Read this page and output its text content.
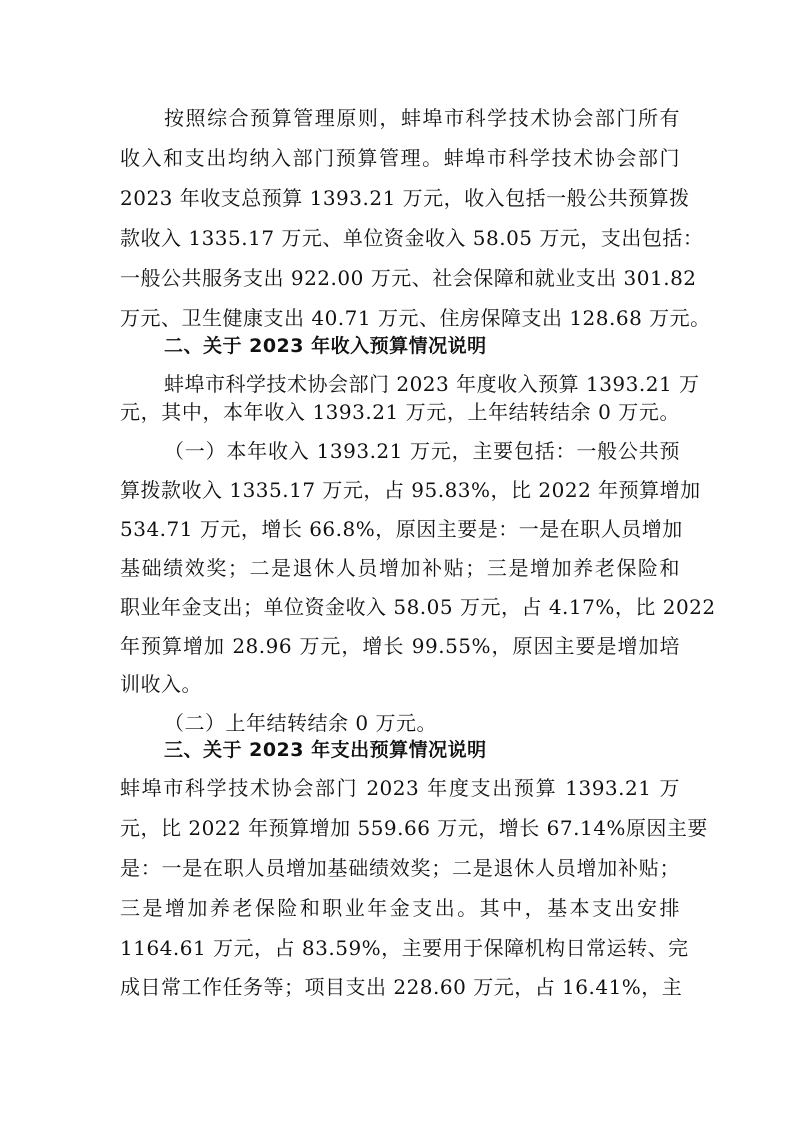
按照综合预算管理原则，蚌埠市科学技术协会部门所有
收入和支出均纳入部门预算管理。蚌埠市科学技术协会部门
2023 年收支总预算 1393.21 万元，收入包括一般公共预算拨
款收入 1335.17 万元、单位资金收入 58.05 万元，支出包括：
一般公共服务支出 922.00 万元、社会保障和就业支出 301.82
万元、卫生健康支出 40.71 万元、住房保障支出 128.68 万元。
二、关于 2023 年收入预算情况说明
蚌埠市科学技术协会部门 2023 年度收入预算 1393.21 万
元，其中，本年收入 1393.21 万元，上年结转结余 0 万元。
（一）本年收入 1393.21 万元，主要包括：一般公共预
算拨款收入 1335.17 万元，占 95.83%，比 2022 年预算增加
534.71 万元，增长 66.8%，原因主要是：一是在职人员增加
基础绩效奖；二是退休人员增加补贴；三是增加养老保险和
职业年金支出；单位资金收入 58.05 万元，占 4.17%，比 2022
年预算增加 28.96 万元，增长 99.55%，原因主要是增加培
训收入。
（二）上年结转结余 0 万元。
三、关于 2023 年支出预算情况说明
蚌埠市科学技术协会部门 2023 年度支出预算 1393.21 万
元，比 2022 年预算增加 559.66 万元，增长 67.14%原因主要
是：一是在职人员增加基础绩效奖；二是退休人员增加补贴；
三是增加养老保险和职业年金支出。其中，基本支出安排
1164.61 万元，占 83.59%，主要用于保障机构日常运转、完
成日常工作任务等；项目支出 228.60 万元，占 16.41%，主
